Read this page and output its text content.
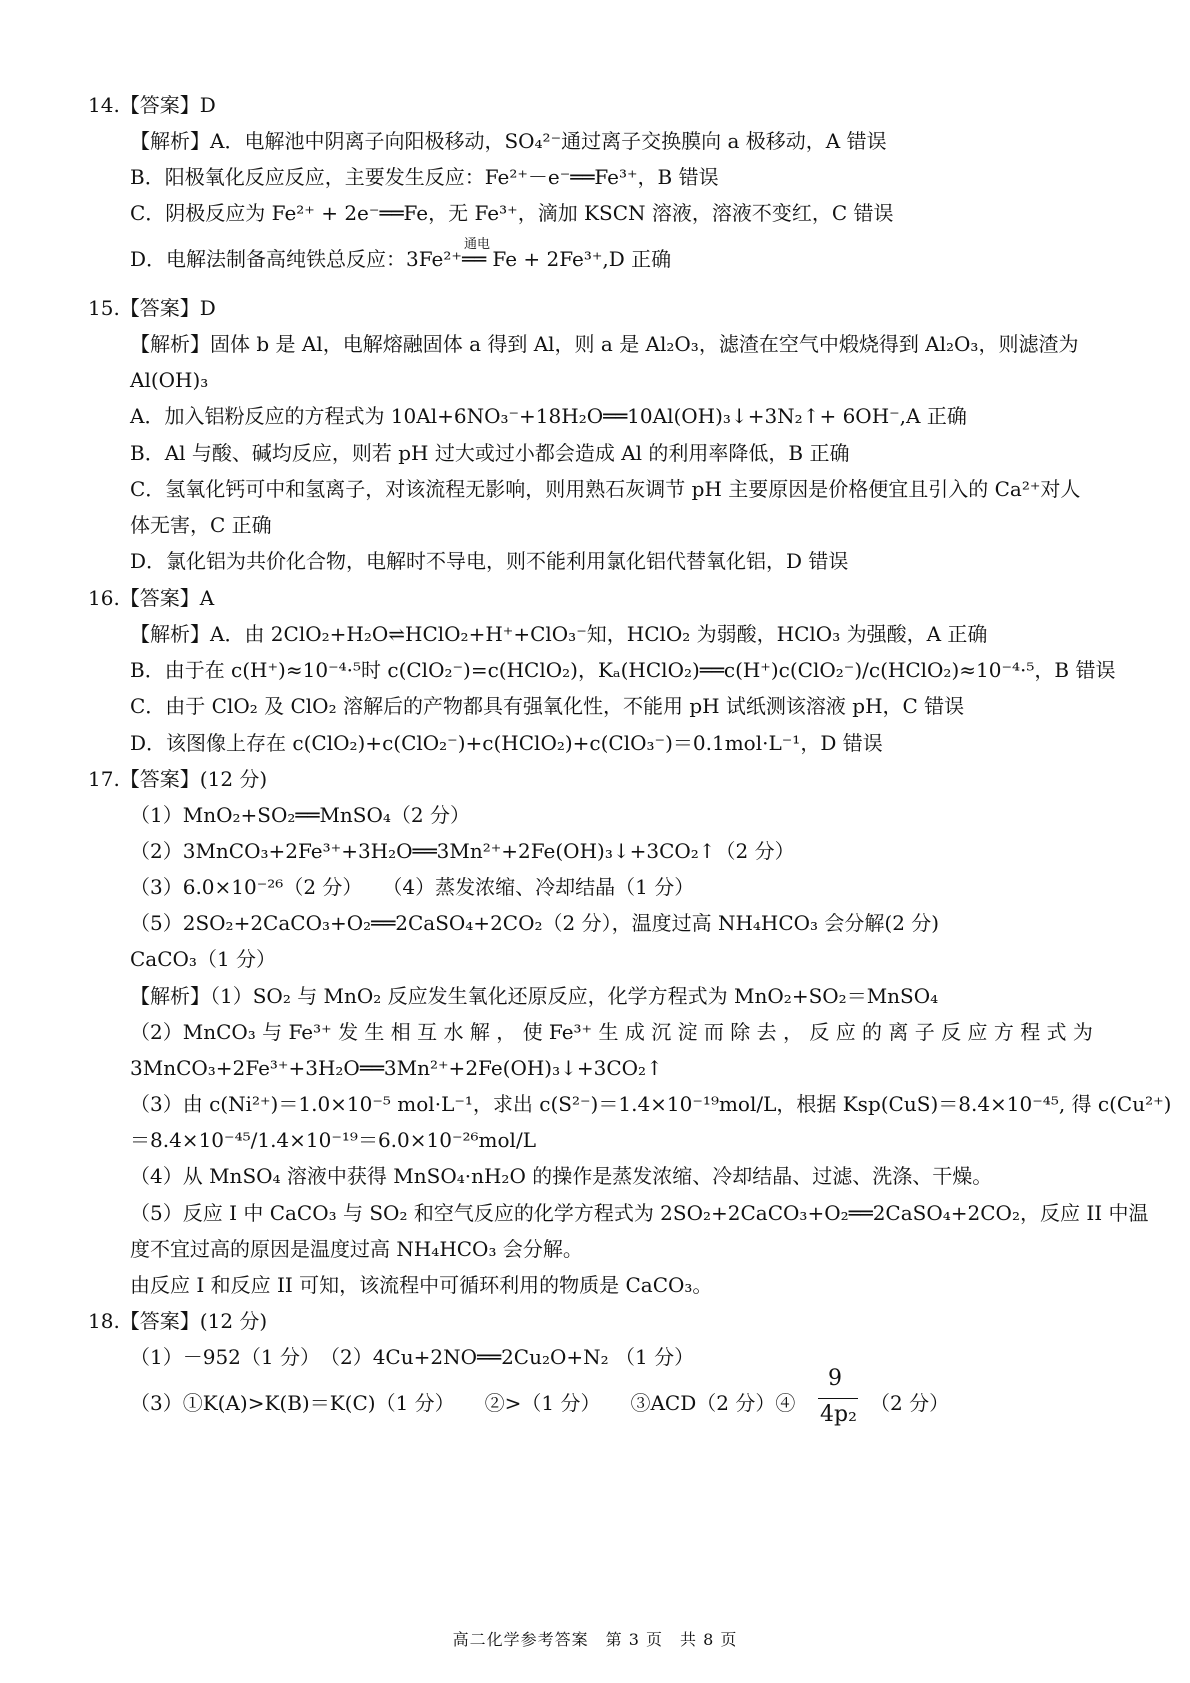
14.【答案】D
【解析】A．电解池中阴离子向阳极移动，SO₄²⁻通过离子交换膜向 a 极移动，A 错误
B．阳极氧化反应反应，主要发生反应：Fe²⁺－e⁻══Fe³⁺，B 错误
C．阴极反应为 Fe²⁺ + 2e⁻══Fe，无 Fe³⁺，滴加 KSCN 溶液，溶液不变红，C 错误
D．电解法制备高纯铁总反应：3Fe²⁺
通电
══ Fe + 2Fe³⁺,D 正确
15.【答案】D
【解析】固体 b 是 Al，电解熔融固体 a 得到 Al，则 a 是 Al₂O₃，滤渣在空气中煅烧得到 Al₂O₃，则滤渣为
Al(OH)₃
A．加入铝粉反应的方程式为 10Al+6NO₃⁻+18H₂O══10Al(OH)₃↓+3N₂↑+ 6OH⁻,A 正确
B．Al 与酸、碱均反应，则若 pH 过大或过小都会造成 Al 的利用率降低，B 正确
C．氢氧化钙可中和氢离子，对该流程无影响，则用熟石灰调节 pH 主要原因是价格便宜且引入的 Ca²⁺对人
体无害，C 正确
D．氯化铝为共价化合物，电解时不导电，则不能利用氯化铝代替氧化铝，D 错误
16.【答案】A
【解析】A．由 2ClO₂+H₂O⇌HClO₂+H⁺+ClO₃⁻知，HClO₂ 为弱酸，HClO₃ 为强酸，A 正确
B．由于在 c(H⁺)≈10⁻⁴·⁵时 c(ClO₂⁻)=c(HClO₂)，Kₐ(HClO₂)══c(H⁺)c(ClO₂⁻)/c(HClO₂)≈10⁻⁴·⁵，B 错误
C．由于 ClO₂ 及 ClO₂ 溶解后的产物都具有强氧化性，不能用 pH 试纸测该溶液 pH，C 错误
D．该图像上存在 c(ClO₂)+c(ClO₂⁻)+c(HClO₂)+c(ClO₃⁻)＝0.1mol·L⁻¹，D 错误
17.【答案】(12 分)
（1）MnO₂+SO₂══MnSO₄（2 分）
（2）3MnCO₃+2Fe³⁺+3H₂O══3Mn²⁺+2Fe(OH)₃↓+3CO₂↑（2 分）
（3）6.0×10⁻²⁶（2 分）　　（4）蒸发浓缩、冷却结晶（1 分）
（5）2SO₂+2CaCO₃+O₂══2CaSO₄+2CO₂（2 分），温度过高 NH₄HCO₃ 会分解(2 分)
CaCO₃（1 分）
【解析】（1）SO₂ 与 MnO₂ 反应发生氧化还原反应，化学方程式为 MnO₂+SO₂＝MnSO₄
（2）MnCO₃ 与 Fe³⁺ 发 生 相 互 水 解 ， 使 Fe³⁺ 生 成 沉 淀 而 除 去 ， 反 应 的 离 子 反 应 方 程 式 为
3MnCO₃+2Fe³⁺+3H₂O══3Mn²⁺+2Fe(OH)₃↓+3CO₂↑
（3）由 c(Ni²⁺)＝1.0×10⁻⁵ mol·L⁻¹，求出 c(S²⁻)＝1.4×10⁻¹⁹mol/L，根据 Ksp(CuS)＝8.4×10⁻⁴⁵, 得 c(Cu²⁺)
＝8.4×10⁻⁴⁵/1.4×10⁻¹⁹＝6.0×10⁻²⁶mol/L
（4）从 MnSO₄ 溶液中获得 MnSO₄·nH₂O 的操作是蒸发浓缩、冷却结晶、过滤、洗涤、干燥。
（5）反应 I 中 CaCO₃ 与 SO₂ 和空气反应的化学方程式为 2SO₂+2CaCO₃+O₂══2CaSO₄+2CO₂，反应 II 中温
度不宜过高的原因是温度过高 NH₄HCO₃ 会分解。
由反应 I 和反应 II 可知，该流程中可循环利用的物质是 CaCO₃。
18.【答案】(12 分)
（1）－952（1 分）　（2）4Cu+2NO══2Cu₂O+N₂ （1 分）
（3）①K(A)>K(B)＝K(C)（1 分）　　②>（1 分）　　③ACD（2 分）④
9
4p₂ （2 分）
高二化学参考答案　第 3 页　共 8 页
